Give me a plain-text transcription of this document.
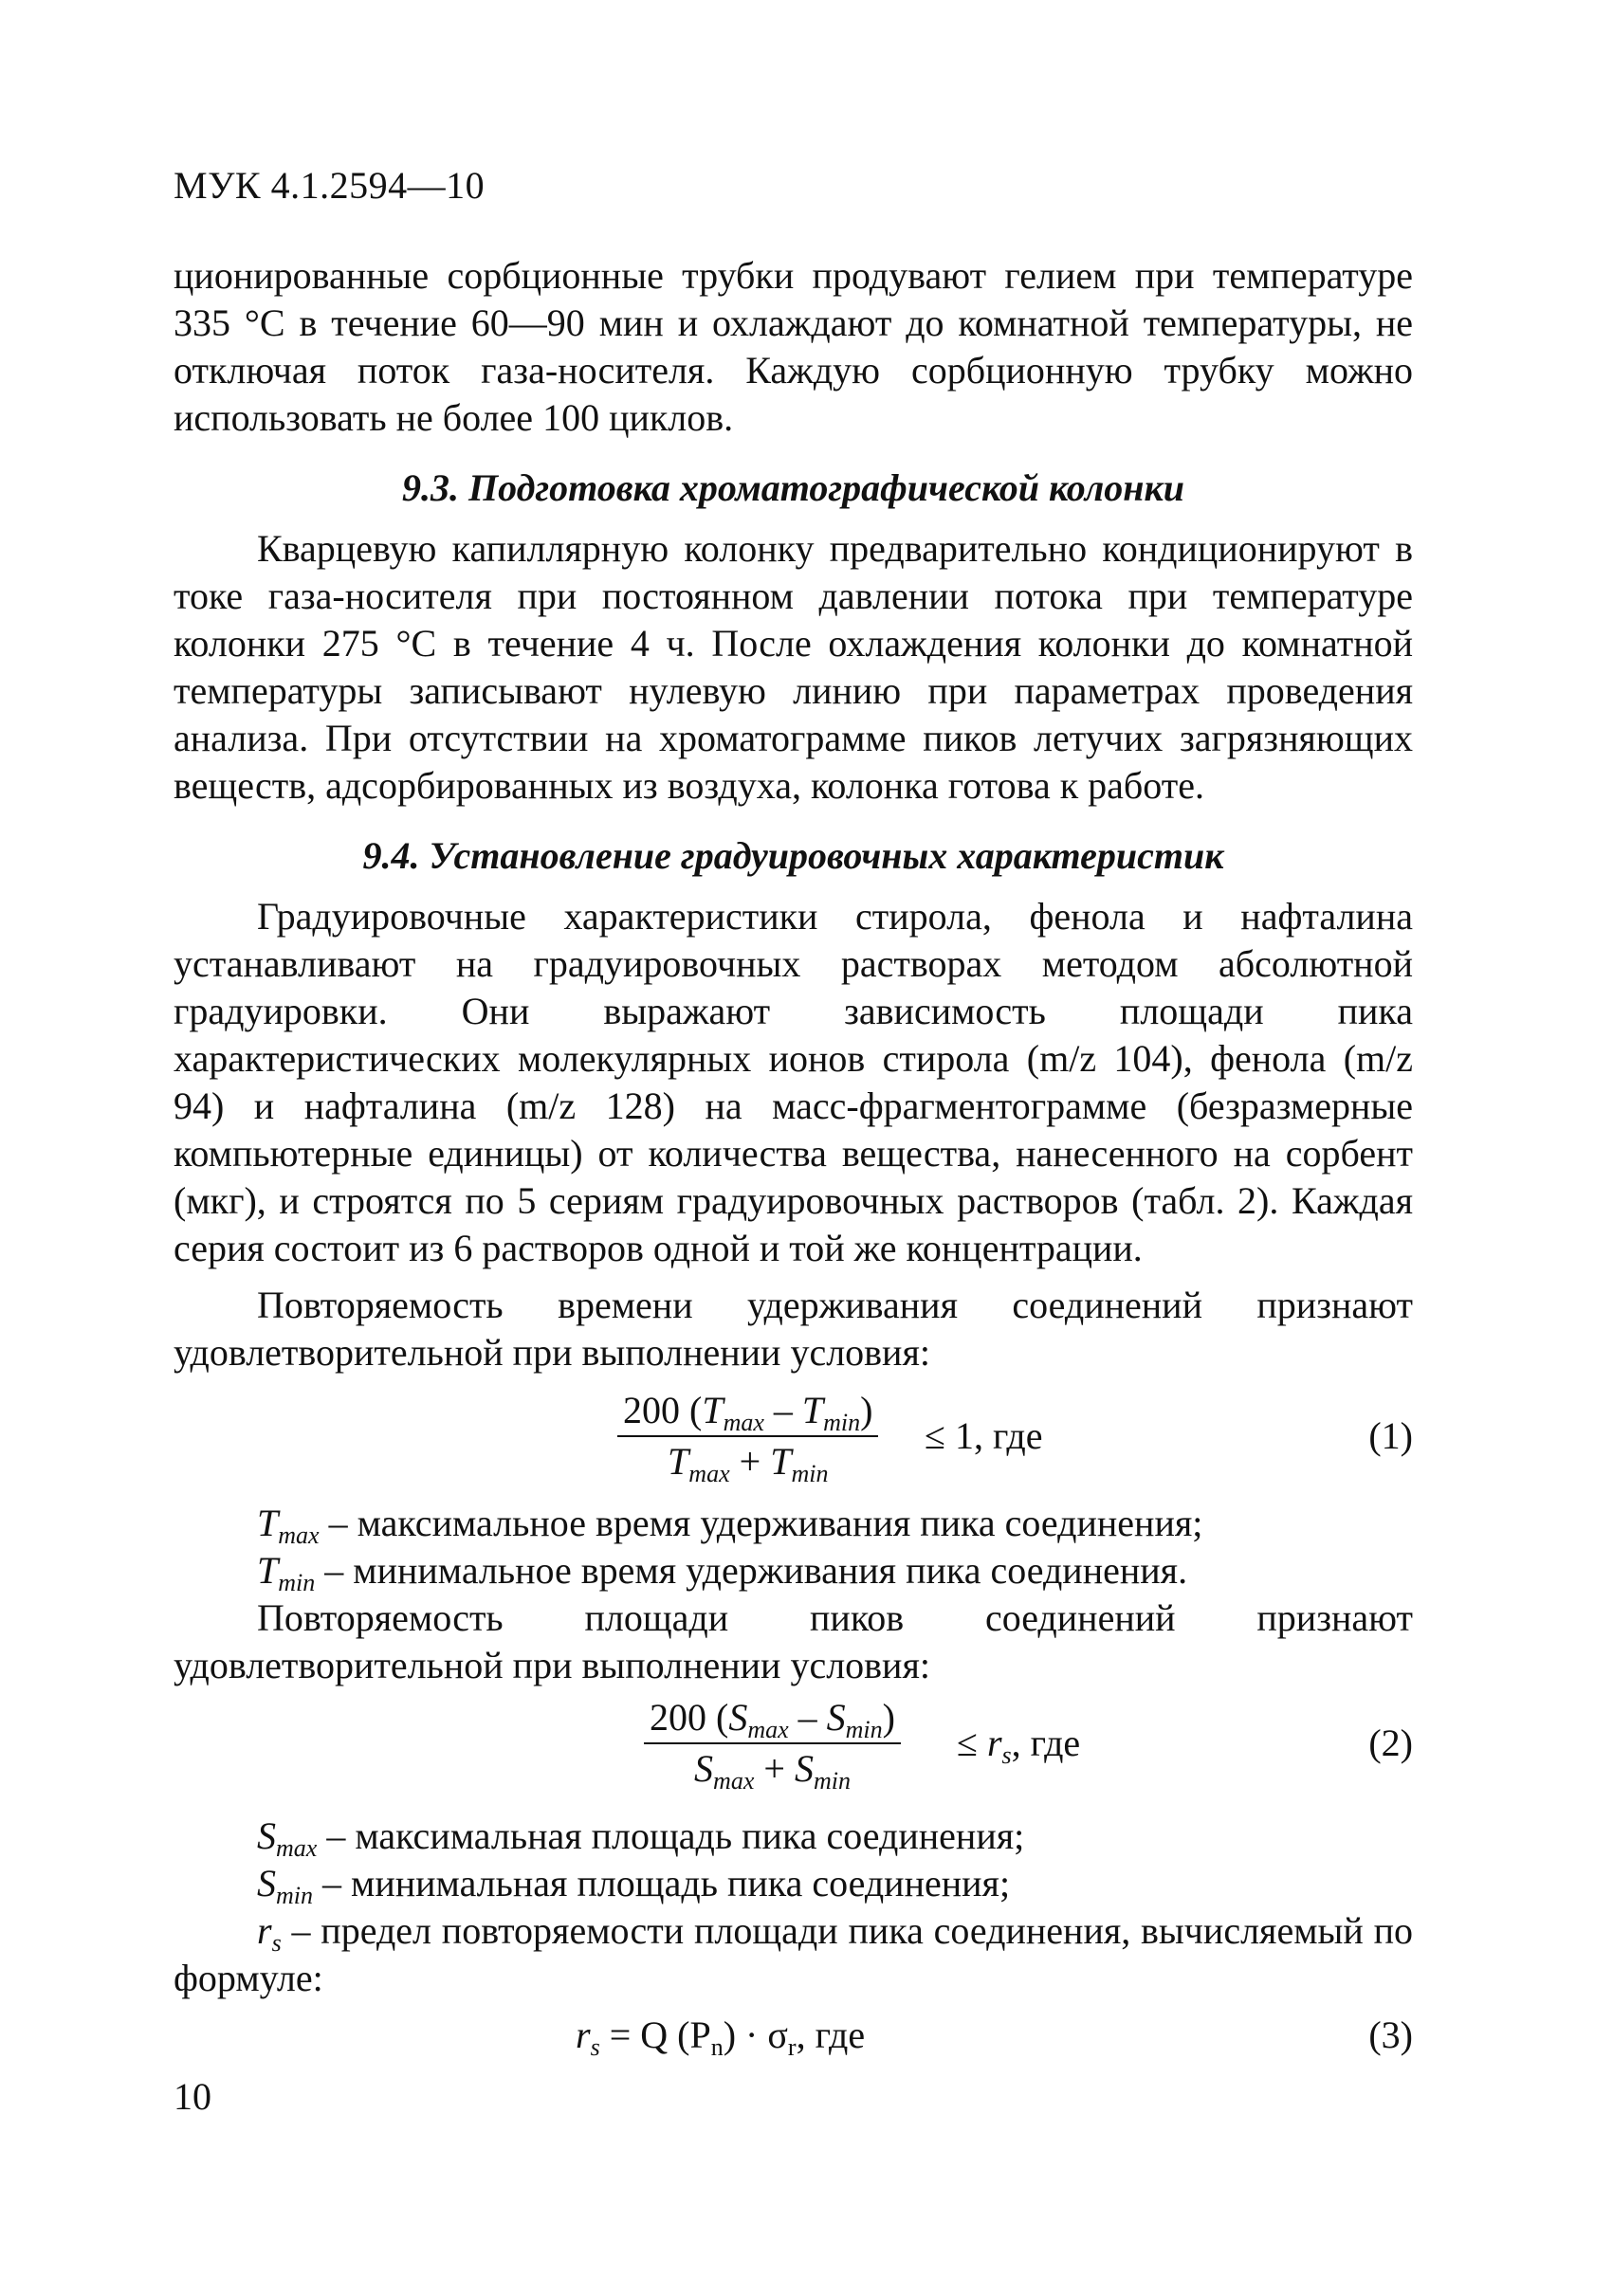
МУК 4.1.2594—10

ционированные сорбционные трубки продувают гелием при температуре 335 °C в течение 60—90 мин и охлаждают до комнатной температуры, не отключая поток газа-носителя. Каждую сорбционную трубку можно использовать не более 100 циклов.

9.3. Подготовка хроматографической колонки

Кварцевую капиллярную колонку предварительно кондиционируют в токе газа-носителя при постоянном давлении потока при температуре колонки 275 °C в течение 4 ч. После охлаждения колонки до комнатной температуры записывают нулевую линию при параметрах проведения анализа. При отсутствии на хроматограмме пиков летучих загрязняющих веществ, адсорбированных из воздуха, колонка готова к работе.

9.4. Установление градуировочных характеристик

Градуировочные характеристики стирола, фенола и нафталина устанавливают на градуировочных растворах методом абсолютной градуировки. Они выражают зависимость площади пика характеристических молекулярных ионов стирола (m/z 104), фенола (m/z 94) и нафталина (m/z 128) на масс-фрагментограмме (безразмерные компьютерные единицы) от количества вещества, нанесенного на сорбент (мкг), и строятся по 5 сериям градуировочных растворов (табл. 2). Каждая серия состоит из 6 растворов одной и той же концентрации.

Повторяемость времени удерживания соединений признают удовлетворительной при выполнении условия:

200 $(T_{max} - T_{min})$
$T_{max} + T_{min}$
≤ 1, где	(1)

$T_{max}$ – максимальное время удерживания пика соединения;

$T_{min}$ – минимальное время удерживания пика соединения.

Повторяемость площади пиков соединений признают удовлетворительной при выполнении условия:

200 $(S_{max} - S_{min})$
$S_{max} + S_{min}$
≤ $r_s$, где	(2)

$S_{max}$ – максимальная площадь пика соединения;

$S_{min}$ – минимальная площадь пика соединения;

$r_s$ – предел повторяемости площади пика соединения, вычисляемый по формуле:

$r_s = Q$ $(P_n) \cdot \sigma_r$, где	(3)
10
